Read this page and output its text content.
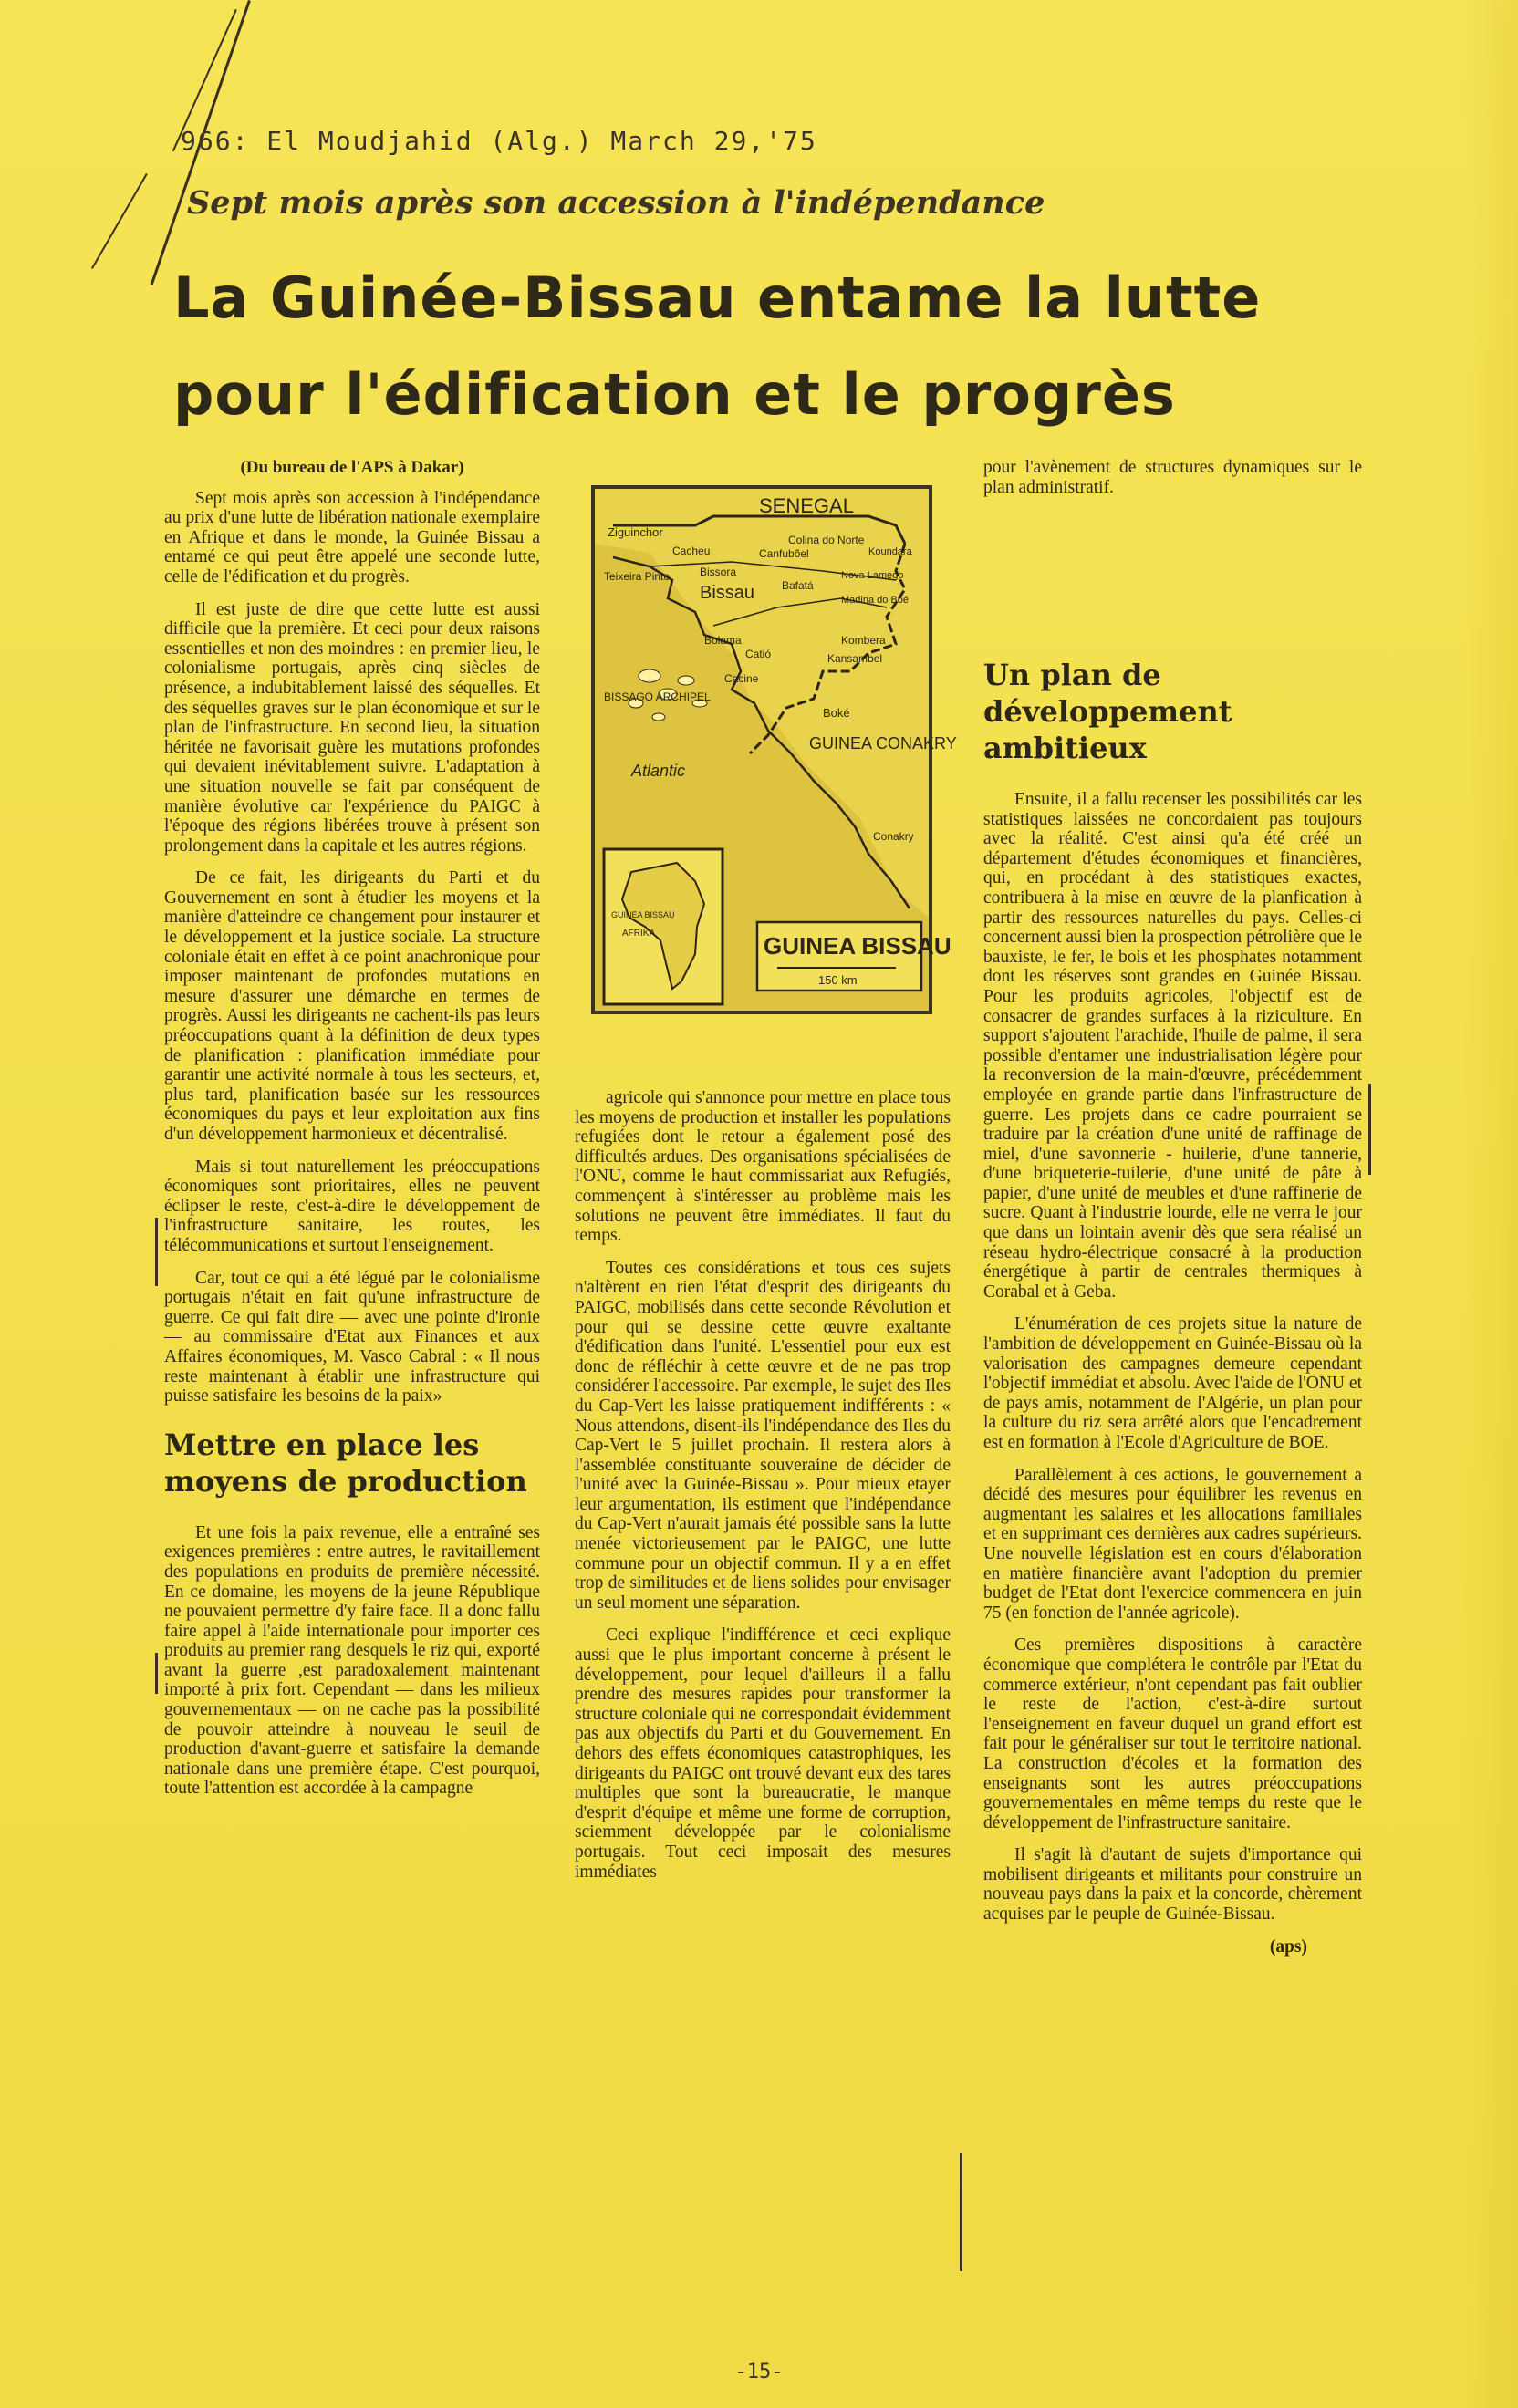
966: El Moudjahid (Alg.) March 29,'75
Sept mois après son accession à l'indépendance
La Guinée-Bissau entame la lutte
pour l'édification et le progrès

(Du bureau de l'APS à Dakar)

Sept mois après son accession à l'indépendance au prix d'une lutte de libération nationale exemplaire en Afrique et dans le monde, la Guinée Bissau a entamé ce qui peut être appelé une seconde lutte, celle de l'édification et du progrès.

Il est juste de dire que cette lutte est aussi difficile que la première. Et ceci pour deux raisons essentielles et non des moindres : en premier lieu, le colonialisme portugais, après cinq siècles de présence, a indubitablement laissé des séquelles. Et des séquelles graves sur le plan économique et sur le plan de l'infrastructure. En second lieu, la situation héritée ne favorisait guère les mutations profondes qui devaient inévitablement suivre. L'adaptation à une situation nouvelle se fait par conséquent de manière évolutive car l'expérience du PAIGC à l'époque des régions libérées trouve à présent son prolongement dans la capitale et les autres régions.

De ce fait, les dirigeants du Parti et du Gouvernement en sont à étudier les moyens et la manière d'atteindre ce changement pour instaurer et le développement et la justice sociale. La structure coloniale était en effet à ce point anachronique pour imposer maintenant de profondes mutations en mesure d'assurer une démarche en termes de progrès. Aussi les dirigeants ne cachent-ils pas leurs préoccupations quant à la définition de deux types de planification : planification immédiate pour garantir une activité normale à tous les secteurs, et, plus tard, planification basée sur les ressources économiques du pays et leur exploitation aux fins d'un développement harmonieux et décentralisé.

Mais si tout naturellement les préoccupations économiques sont prioritaires, elles ne peuvent éclipser le reste, c'est-à-dire le développement de l'infrastructure sanitaire, les routes, les télécommunications et surtout l'enseignement.

Car, tout ce qui a été légué par le colonialisme portugais n'était en fait qu'une infrastructure de guerre. Ce qui fait dire — avec une pointe d'ironie — au commissaire d'Etat aux Finances et aux Affaires économiques, M. Vasco Cabral : « Il nous reste maintenant à établir une infrastructure qui puisse satisfaire les besoins de la paix»

Mettre en place les moyens de production

Et une fois la paix revenue, elle a entraîné ses exigences premières : entre autres, le ravitaillement des populations en produits de première nécessité. En ce domaine, les moyens de la jeune République ne pouvaient permettre d'y faire face. Il a donc fallu faire appel à l'aide internationale pour importer ces produits au premier rang desquels le riz qui, exporté avant la guerre ,est paradoxalement maintenant importé à prix fort. Cependant — dans les milieux gouvernementaux — on ne cache pas la possibilité de pouvoir atteindre à nouveau le seuil de production d'avant-guerre et satisfaire la demande nationale dans une première étape. C'est pourquoi, toute l'attention est accordée à la campagne

SENEGAL
Ziguinchor
Colina do Norte
Koundara
Cacheu	Canfubõel
Teixeira Pinto	Bissora	Nova Lamego
Bafatá
Bissau	Madina do Boé
Bolama
Catió
Kombera
Kansambel
Cacine
BISSAGO ARCHIPEL
Boké
GUINEA CONAKRY
Atlantic
Conakry
GUINEA BISSAU
AFRIKA	GUINEA BISSAU
150 km

agricole qui s'annonce pour mettre en place tous les moyens de production et installer les populations refugiées dont le retour a également posé des difficultés ardues. Des organisations spécialisées de l'ONU, comme le haut commissariat aux Refugiés, commençent à s'intéresser au problème mais les solutions ne peuvent être immédiates. Il faut du temps.

Toutes ces considérations et tous ces sujets n'altèrent en rien l'état d'esprit des dirigeants du PAIGC, mobilisés dans cette seconde Révolution et pour qui se dessine cette œuvre exaltante d'édification dans l'unité. L'essentiel pour eux est donc de réfléchir à cette œuvre et de ne pas trop considérer l'accessoire. Par exemple, le sujet des Iles du Cap-Vert les laisse pratiquement indifférents : « Nous attendons, disent-ils l'indépendance des Iles du Cap-Vert le 5 juillet prochain. Il restera alors à l'assemblée constituante souveraine de décider de l'unité avec la Guinée-Bissau ». Pour mieux etayer leur argumentation, ils estiment que l'indépendance du Cap-Vert n'aurait jamais été possible sans la lutte menée victorieusement par le PAIGC, une lutte commune pour un objectif commun. Il y a en effet trop de similitudes et de liens solides pour envisager un seul moment une séparation.

Ceci explique l'indifférence et ceci explique aussi que le plus important concerne à présent le développement, pour lequel d'ailleurs il a fallu prendre des mesures rapides pour transformer la structure coloniale qui ne correspondait évidemment pas aux objectifs du Parti et du Gouvernement. En dehors des effets économiques catastrophiques, les dirigeants du PAIGC ont trouvé devant eux des tares multiples que sont la bureaucratie, le manque d'esprit d'équipe et même une forme de corruption, sciemment développée par le colonialisme portugais. Tout ceci imposait des mesures immédiates

pour l'avènement de structures dynamiques sur le plan administratif.

Un plan de développement ambitieux

Ensuite, il a fallu recenser les possibilités car les statistiques laissées ne concordaient pas toujours avec la réalité. C'est ainsi qu'a été créé un département d'études économiques et financières, qui, en procédant à des statistiques exactes, contribuera à la mise en œuvre de la planfication à partir des ressources naturelles du pays. Celles-ci concernent aussi bien la prospection pétrolière que le bauxiste, le fer, le bois et les phosphates notamment dont les réserves sont grandes en Guinée Bissau. Pour les produits agricoles, l'objectif est de consacrer de grandes surfaces à la riziculture. En support s'ajoutent l'arachide, l'huile de palme, il sera possible d'entamer une industrialisation légère pour la reconversion de la main-d'œuvre, précédemment employée en grande partie dans l'infrastructure de guerre. Les projets dans ce cadre pourraient se traduire par la création d'une unité de raffinage de miel, d'une savonnerie - huilerie, d'une tannerie, d'une briqueterie-tuilerie, d'une unité de pâte à papier, d'une unité de meubles et d'une raffinerie de sucre. Quant à l'industrie lourde, elle ne verra le jour que dans un lointain avenir dès que sera réalisé un réseau hydro-électrique consacré à la production énergétique à partir de centrales thermiques à Corabal et à Geba.

L'énumération de ces projets situe la nature de l'ambition de développement en Guinée-Bissau où la valorisation des campagnes demeure cependant l'objectif immédiat et absolu. Avec l'aide de l'ONU et de pays amis, notamment de l'Algérie, un plan pour la culture du riz sera arrêté alors que l'encadrement est en formation à l'Ecole d'Agriculture de BOE.

Parallèlement à ces actions, le gouvernement a décidé des mesures pour équilibrer les revenus en augmentant les salaires et les allocations familiales et en supprimant ces dernières aux cadres supérieurs. Une nouvelle législation est en cours d'élaboration en matière financière avant l'adoption du premier budget de l'Etat dont l'exercice commencera en juin 75 (en fonction de l'année agricole).

Ces premières dispositions à caractère économique que complétera le contrôle par l'Etat du commerce extérieur, n'ont cependant pas fait oublier le reste de l'action, c'est-à-dire surtout l'enseignement en faveur duquel un grand effort est fait pour le généraliser sur tout le territoire national. La construction d'écoles et la formation des enseignants sont les autres préoccupations gouvernementales en même temps du reste que le développement de l'infrastructure sanitaire.

Il s'agit là d'autant de sujets d'importance qui mobilisent dirigeants et militants pour construire un nouveau pays dans la paix et la concorde, chèrement acquises par le peuple de Guinée-Bissau.

(aps)

-15-
